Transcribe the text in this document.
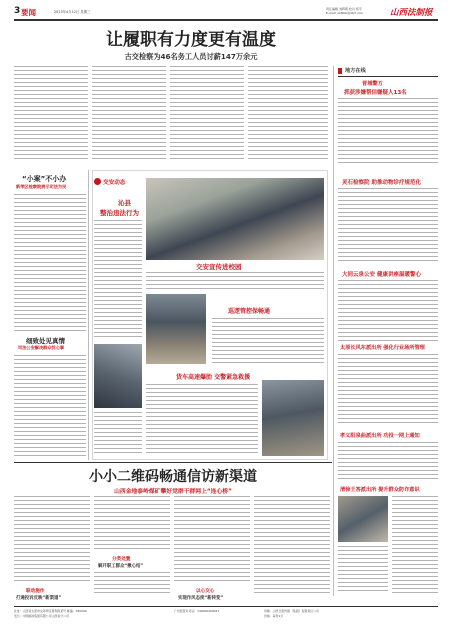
3 要闻	2023年4月12日 星期三
责任编辑 刘辉明 校对 郑平
E-mail: sxfzbb@163.com	山西法制报
让履职有力度更有温度
古交检察为46名务工人员讨薪147万余元
“小案”不小办
新荣区检察院展示司法为民
细致处见真情
司法公安解决群众忧心事
交安动态
沁县
整治违法行为
交安宣传进校园
巡逻管控保畅通
货车高速爆胎 交警紧急救援
地方在线
晋城警方
抓获涉嫌帮信嫌疑人13名
灵石检察院 助推动物诊疗规范化
大同云泉公安 健康讲座温暖警心
太原长风东派出所 强化行业场所管理
孝义阳泉曲派出所 功投一网上通知
清徐王答派出所 提升群众防诈意识
小小二维码畅通信访新渠道
山西金地泰岭煤矿攀好党群干群网上“连心桥”
联动施作
打通投诉反映“新渠道”
分类处置
解开职工群众“揪心结”
以心交心
实现作风态度“新转变”
社址：山西省太原市尖草坪区胜利街某号 邮编：030006	广告经营许可证：140000400027
发行：中国邮政集团有限公司山西省分公司
印刷：山西日报传媒（集团）有限责任公司
价格：每份1元
